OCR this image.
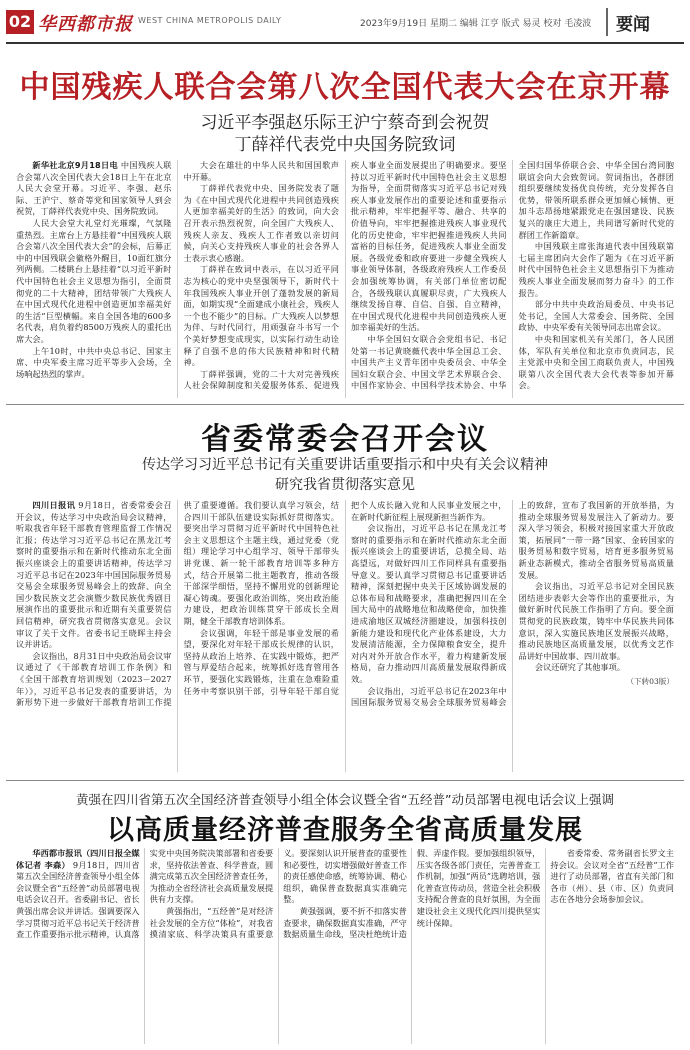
02 华西都市报 WEST CHINA METROPOLIS DAILY	2023年9月19日 星期二 编辑 江亨 版式 易灵 校对 毛凌波 要闻
中国残疾人联合会第八次全国代表大会在京开幕
习近平李强赵乐际王沪宁蔡奇到会祝贺
丁薛祥代表党中央国务院致词

新华社北京9月18日电 中国残疾人联合会第八次全国代表大会18日上午在北京人民大会堂开幕。习近平、李强、赵乐际、王沪宁、蔡奇等党和国家领导人到会祝贺，丁薛祥代表党中央、国务院致词。

人民大会堂大礼堂灯光璀璨，气氛隆重热烈。主席台上方悬挂着“中国残疾人联合会第八次全国代表大会”的会标，后幕正中的中国残联会徽格外醒目，10面红旗分列两侧。二楼眺台上悬挂着“以习近平新时代中国特色社会主义思想为指引，全面贯彻党的二十大精神，团结带领广大残疾人在中国式现代化进程中创造更加幸福美好的生活”巨型横幅。来自全国各地的600多名代表，肩负着约8500万残疾人的重托出席大会。

上午10时，中共中央总书记、国家主席、中央军委主席习近平等步入会场，全场响起热烈的掌声。

大会在雄壮的中华人民共和国国歌声中开幕。

丁薛祥代表党中央、国务院发表了题为《在中国式现代化进程中共同创造残疾人更加幸福美好的生活》的致词，向大会召开表示热烈祝贺，向全国广大残疾人、残疾人亲友、残疾人工作者致以亲切问候，向关心支持残疾人事业的社会各界人士表示衷心感谢。

丁薛祥在致词中表示，在以习近平同志为核心的党中央坚强领导下，新时代十年我国残疾人事业开创了蓬勃发展的新局面，如期实现“全面建成小康社会，残疾人一个也不能少”的目标。广大残疾人以梦想为伴、与时代同行，用顽强奋斗书写一个个美好梦想变成现实，以实际行动生动诠释了自强不息的伟大民族精神和时代精神。

丁薛祥强调，党的二十大对完善残疾人社会保障制度和关爱服务体系、促进残疾人事业全面发展提出了明确要求。要坚持以习近平新时代中国特色社会主义思想为指导，全面贯彻落实习近平总书记对残疾人事业发展作出的重要论述和重要指示批示精神，牢牢把握平等、融合、共享的价值导向，牢牢把握推进残疾人事业现代化的历史使命，牢牢把握推进残疾人共同富裕的目标任务，促进残疾人事业全面发展。各级党委和政府要进一步健全残疾人事业领导体制，各级政府残疾人工作委员会加强统筹协调，有关部门单位密切配合，各级残联认真履职尽责，广大残疾人继续发扬自尊、自信、自强、自立精神，在中国式现代化进程中共同创造残疾人更加幸福美好的生活。

中华全国妇女联合会党组书记、书记处第一书记黄晓薇代表中华全国总工会、中国共产主义青年团中央委员会、中华全国妇女联合会、中国文学艺术界联合会、中国作家协会、中国科学技术协会、中华全国归国华侨联合会、中华全国台湾同胞联谊会向大会致贺词。贺词指出，各群团组织要继续发扬优良传统，充分发挥各自优势，带领所联系群众更加倾心倾情、更加斗志昂扬地紧跟党走在强国建设、民族复兴的康庄大道上，共同谱写新时代党的群团工作新篇章。

中国残联主席张海迪代表中国残联第七届主席团向大会作了题为《在习近平新时代中国特色社会主义思想指引下为推动残疾人事业全面发展而努力奋斗》的工作报告。

部分中共中央政治局委员、中央书记处书记，全国人大常委会、国务院、全国政协、中央军委有关领导同志出席会议。

中央和国家机关有关部门，各人民团体，军队有关单位和北京市负责同志，民主党派中央和全国工商联负责人，中国残联第八次全国代表大会代表等参加开幕会。

省委常委会召开会议
传达学习习近平总书记有关重要讲话重要指示和中央有关会议精神
研究我省贯彻落实意见

四川日报讯 9月18日，省委常委会召开会议，传达学习中央政治局会议精神，听取我省年轻干部教育管理监督工作情况汇报；传达学习习近平总书记在黑龙江考察时的重要指示和在新时代推动东北全面振兴座谈会上的重要讲话精神，传达学习习近平总书记在2023年中国国际服务贸易交易会全球服务贸易峰会上的致辞、向全国少数民族文艺会演暨少数民族优秀剧目展演作出的重要批示和近期有关重要贺信回信精神，研究我省贯彻落实意见。会议审议了关于文件。省委书记王晓晖主持会议并讲话。

会议指出，8月31日中央政治局会议审议通过了《干部教育培训工作条例》和《全国干部教育培训规划（2023－2027年）》，习近平总书记发表的重要讲话，为新形势下进一步做好干部教育培训工作提供了重要遵循。我们要认真学习领会，结合四川干部队伍建设实际抓好贯彻落实。要突出学习贯彻习近平新时代中国特色社会主义思想这个主题主线，通过党委（党组）理论学习中心组学习、领导干部带头讲党课、新一轮干部教育培训等多种方式，结合开展第二批主题教育，推动各级干部深学细悟，坚持不懈用党的创新理论凝心铸魂。要强化政治训练，突出政治能力建设，把政治训练贯穿干部成长全周期，健全干部教育培训体系。

会议强调，年轻干部是事业发展的希望，要深化对年轻干部成长规律的认识，坚持从政治上培养、在实践中锻炼，把严管与厚爱结合起来，统筹抓好选育管用各环节，要强化实践锻炼，注重在急难险重任务中考察识别干部，引导年轻干部自觉把个人成长融入党和人民事业发展之中，在新时代新征程上展现新担当新作为。

会议指出，习近平总书记在黑龙江考察时的重要指示和在新时代推动东北全面振兴座谈会上的重要讲话，总揽全局、站高望远，对做好四川工作同样具有重要指导意义。要认真学习贯彻总书记重要讲话精神，深刻把握中央关于区域协调发展的总体布局和战略要求，准确把握四川在全国大局中的战略地位和战略使命，加快推进成渝地区双城经济圈建设，加强科技创新能力建设和现代化产业体系建设，大力发展清洁能源，全力保障粮食安全，提升对内对外开放合作水平，着力构建新发展格局，奋力推动四川高质量发展取得新成效。

会议指出，习近平总书记在2023年中国国际服务贸易交易会全球服务贸易峰会上的致辞，宣布了我国新的开放举措，为推动全球服务贸易发展注入了新动力。要深入学习领会，积极对接国家重大开放政策，拓展同“一带一路”国家、金砖国家的服务贸易和数字贸易，培育更多服务贸易新业态新模式，推动全省服务贸易高质量发展。

会议指出，习近平总书记对全国民族团结进步表彰大会等作出的重要批示，为做好新时代民族工作指明了方向。要全面贯彻党的民族政策，铸牢中华民族共同体意识，深入实施民族地区发展振兴战略，推动民族地区高质量发展，以优秀文艺作品讲好中国故事、四川故事。

会议还研究了其他事项。

（下转03版）
黄强在四川省第五次全国经济普查领导小组全体会议暨全省“五经普”动员部署电视电话会议上强调
以高质量经济普查服务全省高质量发展

华西都市报讯（四川日报全媒体记者 李森） 9月18日，四川省第五次全国经济普查领导小组全体会议暨全省“五经普”动员部署电视电话会议召开。省委副书记、省长黄强出席会议并讲话。强调要深入学习贯彻习近平总书记关于经济普查工作重要指示批示精神，认真落实党中央国务院决策部署和省委要求，坚持依法普查、科学普查，圆满完成第五次全国经济普查任务，为推动全省经济社会高质量发展提供有力支撑。

黄强指出，“五经普”是对经济社会发展的全方位“体检”，对我省摸清家底、科学决策具有重要意义。要深刻认识开展普查的重要性和必要性，切实增强做好普查工作的责任感使命感，统筹协调、精心组织，确保普查数据真实准确完整。

黄强强调，要不折不扣落实普查要求，确保数据真实准确，严守数据质量生命线，坚决杜绝统计造假、弄虚作假。要加强组织领导，压实各级各部门责任，完善普查工作机制，加强“两员”选聘培训，强化普查宣传动员，营造全社会积极支持配合普查的良好氛围，为全面建设社会主义现代化四川提供坚实统计保障。

省委常委、常务副省长罗文主持会议。会议对全省“五经普”工作进行了动员部署，省直有关部门和各市（州）、县（市、区）负责同志在各地分会场参加会议。
